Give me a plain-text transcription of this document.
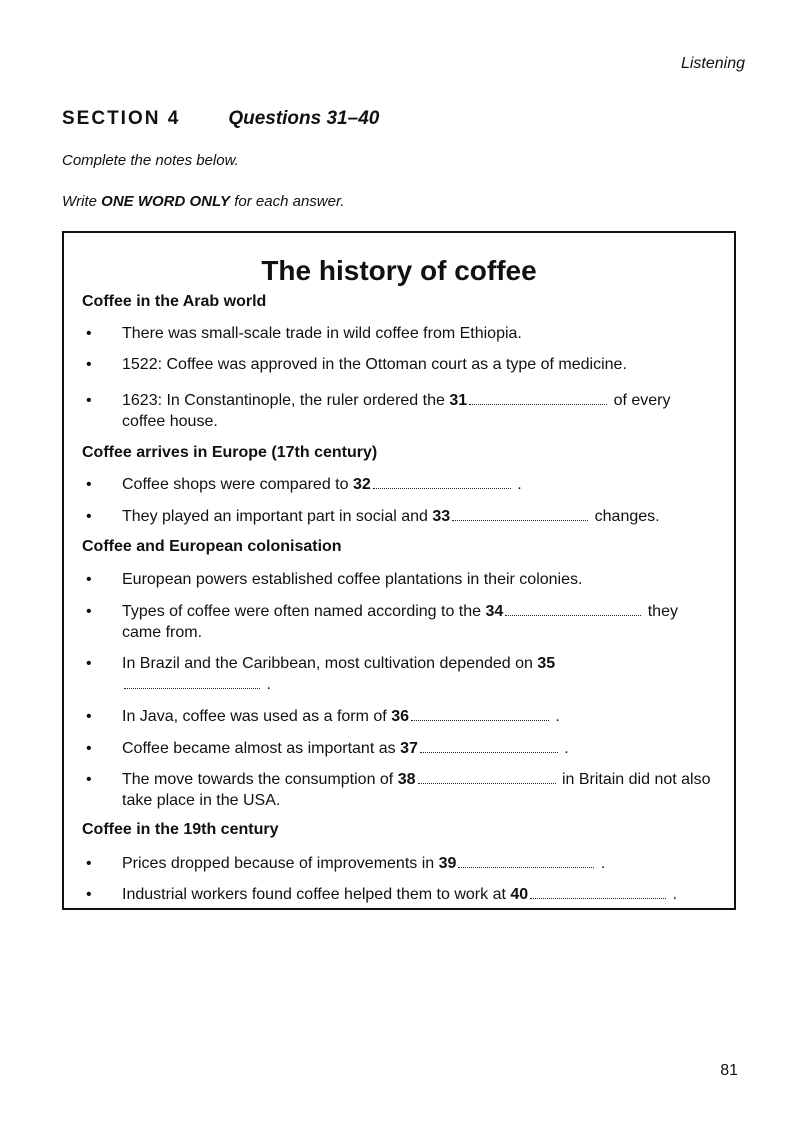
Listening
SECTION 4	Questions 31–40
Complete the notes below.
Write ONE WORD ONLY for each answer.
The history of coffee
Coffee in the Arab world
• There was small-scale trade in wild coffee from Ethiopia.
• 1522: Coffee was approved in the Ottoman court as a type of medicine.
• 1623: In Constantinople, the ruler ordered the 31	of every coffee house.
Coffee arrives in Europe (17th century)
• Coffee shops were compared to 32	.
• They played an important part in social and 33	changes.
Coffee and European colonisation
• European powers established coffee plantations in their colonies.
• Types of coffee were often named according to the 34	they came from.
• In Brazil and the Caribbean, most cultivation depended on 35 .
• In Java, coffee was used as a form of 36	.
• Coffee became almost as important as 37	.
• The move towards the consumption of 38	in Britain did not also take place in the USA.
Coffee in the 19th century
• Prices dropped because of improvements in 39	.
• Industrial workers found coffee helped them to work at 40	.
81
